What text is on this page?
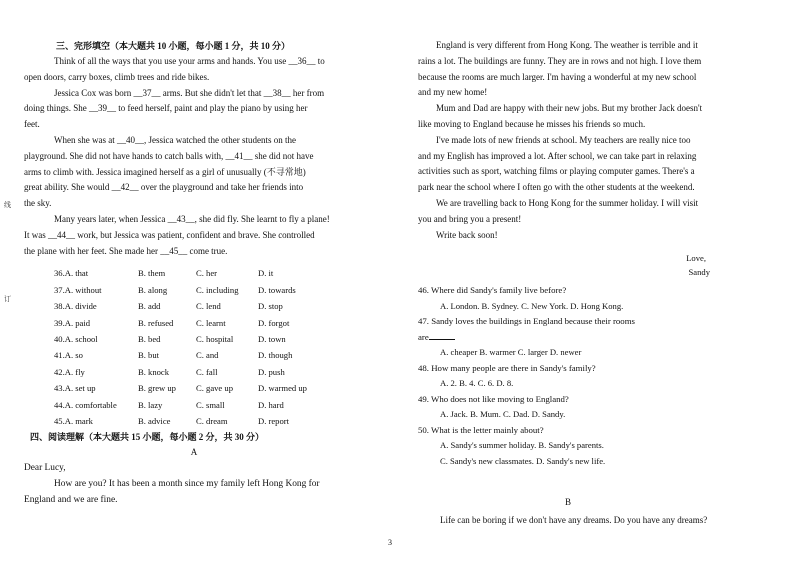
线
订

三、完形填空（本大题共 10 小题，每小题 1 分，共 10 分）

Think of all the ways that you use your arms and hands. You use __36__ to

open doors, carry boxes, climb trees and ride bikes.

Jessica Cox was born __37__ arms. But she didn't let that __38__ her from

doing things. She __39__ to feed herself, paint and play the piano by using her

feet.

When she was at __40__, Jessica watched the other students on the

playground. She did not have hands to catch balls with, __41__ she did not have

arms to climb with. Jessica imagined herself as a girl of unusually (不寻常地)

great ability. She would __42__ over the playground and take her friends into

the sky.

Many years later, when Jessica __43__, she did fly. She learnt to fly a plane!

It was __44__ work, but Jessica was patient, confident and brave. She controlled

the plane with her feet. She made her __45__ come true.

36.A. that	B. them	C. her	D. it
37.A. without	B. along	C. including	D. towards
38.A. divide	B. add	C. lend	D. stop
39.A. paid	B. refused	C. learnt	D. forgot
40.A. school	B. bed	C. hospital	D. town
41.A. so	B. but	C. and	D. though
42.A. fly	B. knock	C. fall	D. push
43.A. set up	B. grew up	C. gave up	D. warmed up
44.A. comfortable	B. lazy	C. small	D. hard
45.A. mark	B. advice	C. dream	D. report

四、阅读理解（本大题共 15 小题，每小题 2 分，共 30 分）

A

Dear Lucy,

How are you? It has been a month since my family left Hong Kong for

England and we are fine.

England is very different from Hong Kong. The weather is terrible and it

rains a lot. The buildings are funny. They are in rows and not high. I love them

because the rooms are much larger. I'm having a wonderful at my new school

and my new home!

Mum and Dad are happy with their new jobs. But my brother Jack doesn't

like moving to England because he misses his friends so much.

I've made lots of new friends at school. My teachers are really nice too

and my English has improved a lot. After school, we can take part in relaxing

activities such as sport, watching films or playing computer games. There's a

park near the school where I often go with the other students at the weekend.

We are travelling back to Hong Kong for the summer holiday. I will visit

you and bring you a present!

Write back soon!

Love,

Sandy

46. Where did Sandy's family live before?

A. London. B. Sydney. C. New York. D. Hong Kong.

47. Sandy loves the buildings in England because their rooms

are

A. cheaper B. warmer C. larger D. newer

48. How many people are there in Sandy's family?

A. 2. B. 4. C. 6. D. 8.

49. Who does not like moving to England?

A. Jack. B. Mum. C. Dad. D. Sandy.

50. What is the letter mainly about?

A. Sandy's summer holiday. B. Sandy's parents.

C. Sandy's new classmates. D. Sandy's new life.

B

Life can be boring if we don't have any dreams. Do you have any dreams?

3
